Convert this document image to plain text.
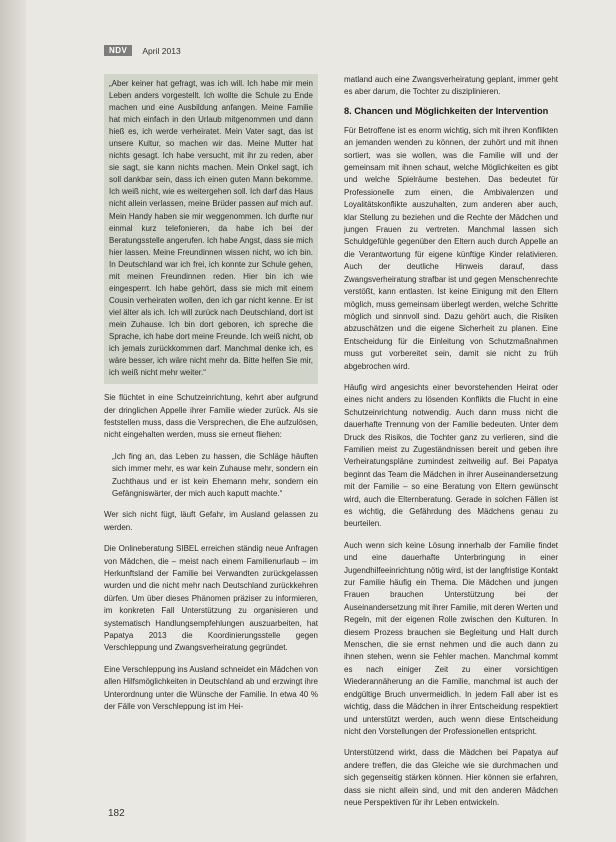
NDV	April 2013

„Aber keiner hat gefragt, was ich will. Ich habe mir mein Leben anders vorgestellt. Ich wollte die Schule zu Ende machen und eine Ausbildung anfangen. Meine Familie hat mich einfach in den Urlaub mitgenommen und dann hieß es, ich werde verheiratet. Mein Vater sagt, das ist unsere Kultur, so machen wir das. Meine Mutter hat nichts gesagt. Ich habe versucht, mit ihr zu reden, aber sie sagt, sie kann nichts machen. Mein Onkel sagt, ich soll dankbar sein, dass ich einen guten Mann bekomme. Ich weiß nicht, wie es weitergehen soll. Ich darf das Haus nicht allein verlassen, meine Brüder passen auf mich auf. Mein Handy haben sie mir weggenommen. Ich durfte nur einmal kurz telefonieren, da habe ich bei der Beratungsstelle angerufen. Ich habe Angst, dass sie mich hier lassen. Meine Freundinnen wissen nicht, wo ich bin. In Deutschland war ich frei, ich konnte zur Schule gehen, mit meinen Freundinnen reden. Hier bin ich wie eingesperrt. Ich habe gehört, dass sie mich mit einem Cousin verheiraten wollen, den ich gar nicht kenne. Er ist viel älter als ich. Ich will zurück nach Deutschland, dort ist mein Zuhause. Ich bin dort geboren, ich spreche die Sprache, ich habe dort meine Freunde. Ich weiß nicht, ob ich jemals zurückkommen darf. Manchmal denke ich, es wäre besser, ich wäre nicht mehr da. Bitte helfen Sie mir, ich weiß nicht mehr weiter.“

Sie flüchtet in eine Schutzeinrichtung, kehrt aber aufgrund der dringlichen Appelle ihrer Familie wieder zurück. Als sie feststellen muss, dass die Versprechen, die Ehe aufzulösen, nicht eingehalten werden, muss sie erneut fliehen:

„Ich fing an, das Leben zu hassen, die Schläge häuften sich immer mehr, es war kein Zuhause mehr, sondern ein Zuchthaus und er ist kein Ehemann mehr, sondern ein Gefängniswärter, der mich auch kaputt machte.“

Wer sich nicht fügt, läuft Gefahr, im Ausland gelassen zu werden.

Die Onlineberatung SIBEL erreichen ständig neue Anfragen von Mädchen, die – meist nach einem Familienurlaub – im Herkunftsland der Familie bei Verwandten zurückgelassen wurden und die nicht mehr nach Deutschland zurückkehren dürfen. Um über dieses Phänomen präziser zu informieren, im konkreten Fall Unterstützung zu organisieren und systematisch Handlungsempfehlungen auszuarbeiten, hat Papatya 2013 die Koordinierungsstelle gegen Verschleppung und Zwangsverheiratung gegründet.

Eine Verschleppung ins Ausland schneidet ein Mädchen von allen Hilfsmöglichkeiten in Deutschland ab und erzwingt ihre Unterordnung unter die Wünsche der Familie. In etwa 40 % der Fälle von Verschleppung ist im Hei-

matland auch eine Zwangsverheiratung geplant, immer geht es aber darum, die Tochter zu disziplinieren.

8. Chancen und Möglichkeiten der Intervention

Für Betroffene ist es enorm wichtig, sich mit ihren Konflikten an jemanden wenden zu können, der zuhört und mit ihnen sortiert, was sie wollen, was die Familie will und der gemeinsam mit ihnen schaut, welche Möglichkeiten es gibt und welche Spielräume bestehen. Das bedeutet für Professionelle zum einen, die Ambivalenzen und Loyalitätskonflikte auszuhalten, zum anderen aber auch, klar Stellung zu beziehen und die Rechte der Mädchen und jungen Frauen zu vertreten. Manchmal lassen sich Schuldgefühle gegenüber den Eltern auch durch Appelle an die Verantwortung für eigene künftige Kinder relativieren. Auch der deutliche Hinweis darauf, dass Zwangsverheiratung strafbar ist und gegen Menschenrechte verstößt, kann entlasten. Ist keine Einigung mit den Eltern möglich, muss gemeinsam überlegt werden, welche Schritte möglich und sinnvoll sind. Dazu gehört auch, die Risiken abzuschätzen und die eigene Sicherheit zu planen. Eine Entscheidung für die Einleitung von Schutzmaßnahmen muss gut vorbereitet sein, damit sie nicht zu früh abgebrochen wird.

Häufig wird angesichts einer bevorstehenden Heirat oder eines nicht anders zu lösenden Konflikts die Flucht in eine Schutzeinrichtung notwendig. Auch dann muss nicht die dauerhafte Trennung von der Familie bedeuten. Unter dem Druck des Risikos, die Tochter ganz zu verlieren, sind die Familien meist zu Zugeständnissen bereit und geben ihre Verheiratungspläne zumindest zeitweilig auf. Bei Papatya beginnt das Team die Mädchen in ihrer Auseinandersetzung mit der Familie – so eine Beratung von Eltern gewünscht wird, auch die Elternberatung. Gerade in solchen Fällen ist es wichtig, die Gefährdung des Mädchens genau zu beurteilen.

Auch wenn sich keine Lösung innerhalb der Familie findet und eine dauerhafte Unterbringung in einer Jugendhilfeeinrichtung nötig wird, ist der langfristige Kontakt zur Familie häufig ein Thema. Die Mädchen und jungen Frauen brauchen Unterstützung bei der Auseinandersetzung mit ihrer Familie, mit deren Werten und Regeln, mit der eigenen Rolle zwischen den Kulturen. In diesem Prozess brauchen sie Begleitung und Halt durch Menschen, die sie ernst nehmen und die auch dann zu ihnen stehen, wenn sie Fehler machen. Manchmal kommt es nach einiger Zeit zu einer vorsichtigen Wiederannäherung an die Familie, manchmal ist auch der endgültige Bruch unvermeidlich. In jedem Fall aber ist es wichtig, dass die Mädchen in ihrer Entscheidung respektiert und unterstützt werden, auch wenn diese Entscheidung nicht den Vorstellungen der Professionellen entspricht.

Unterstützend wirkt, dass die Mädchen bei Papatya auf andere treffen, die das Gleiche wie sie durchmachen und sich gegenseitig stärken können. Hier können sie erfahren, dass sie nicht allein sind, und mit den anderen Mädchen neue Perspektiven für ihr Leben entwickeln.

182
